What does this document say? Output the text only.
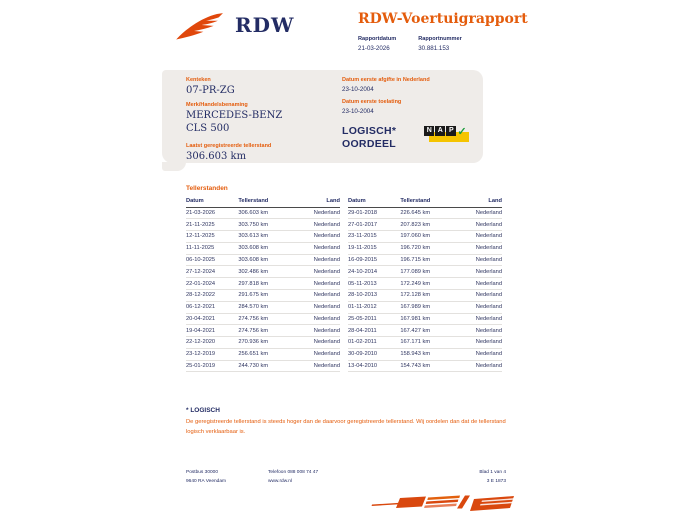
RDW	RDW-Voertuigrapport
Rapportdatum
21-03-2026
Rapportnummer
30.881.153
Kenteken
07-PR-ZG
Merk/Handelsbenaming
MERCEDES-BENZ
CLS 500
Laatst geregistreerde tellerstand
306.603 km
Datum eerste afgifte in Nederland
23-10-2004
Datum eerste toelating
23-10-2004
LOGISCH*
OORDEEL
N A P ✓
Tellerstanden
Datum	Tellerstand	Land
21-03-2026	306.603 km	Nederland
21-11-2025	303.750 km	Nederland
12-11-2025	303.613 km	Nederland
11-11-2025	303.608 km	Nederland
06-10-2025	303.608 km	Nederland
27-12-2024	302.486 km	Nederland
22-01-2024	297.818 km	Nederland
28-12-2022	291.675 km	Nederland
06-12-2021	284.570 km	Nederland
20-04-2021	274.756 km	Nederland
19-04-2021	274.756 km	Nederland
22-12-2020	270.936 km	Nederland
23-12-2019	256.651 km	Nederland
25-01-2019	244.730 km	Nederland
Datum	Tellerstand	Land
29-01-2018	226.645 km	Nederland
27-01-2017	207.823 km	Nederland
23-11-2015	197.060 km	Nederland
19-11-2015	196.720 km	Nederland
16-09-2015	196.715 km	Nederland
24-10-2014	177.089 km	Nederland
05-11-2013	172.249 km	Nederland
28-10-2013	172.128 km	Nederland
01-11-2012	167.989 km	Nederland
25-05-2011	167.981 km	Nederland
28-04-2011	167.427 km	Nederland
01-02-2011	167.171 km	Nederland
30-09-2010	158.943 km	Nederland
13-04-2010	154.743 km	Nederland
* LOGISCH
De geregistreerde tellerstand is steeds hoger dan de daarvoor geregistreerde tellerstand. Wij oordelen dan dat de tellerstand logisch verklaarbaar is.
Postbus 30000
9640 RA Veendam
Telefoon 088 008 74 47
www.rdw.nl
Blad 1 van 4
3 E 1873
